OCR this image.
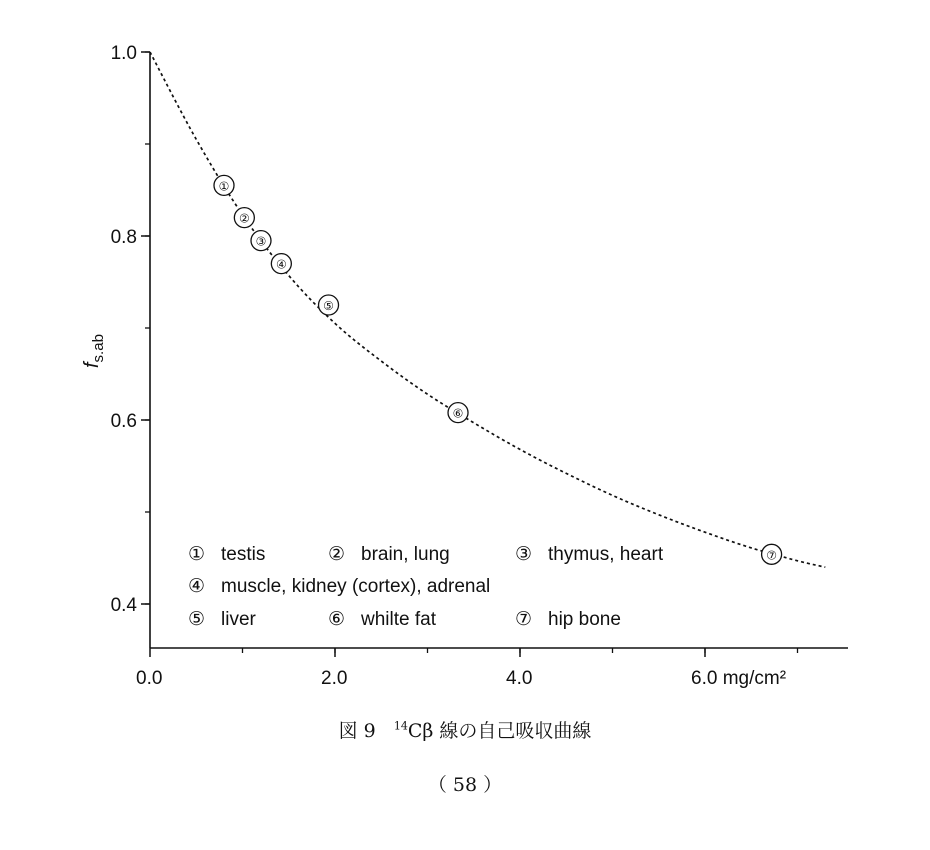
0.4
0.6
0.8
1.0
0.0	2.0	4.0	6.0 mg/cm²
$f_{s.ab}$
①
②
③
④
⑤
⑥
⑦
① testis	② brain, lung	③ thymus, heart
④ muscle, kidney (cortex), adrenal
⑤ liver	⑥ whilte fat	⑦ hip bone
図 9 $^{14}$Cβ 線の自己吸収曲線
（ 58 ）
